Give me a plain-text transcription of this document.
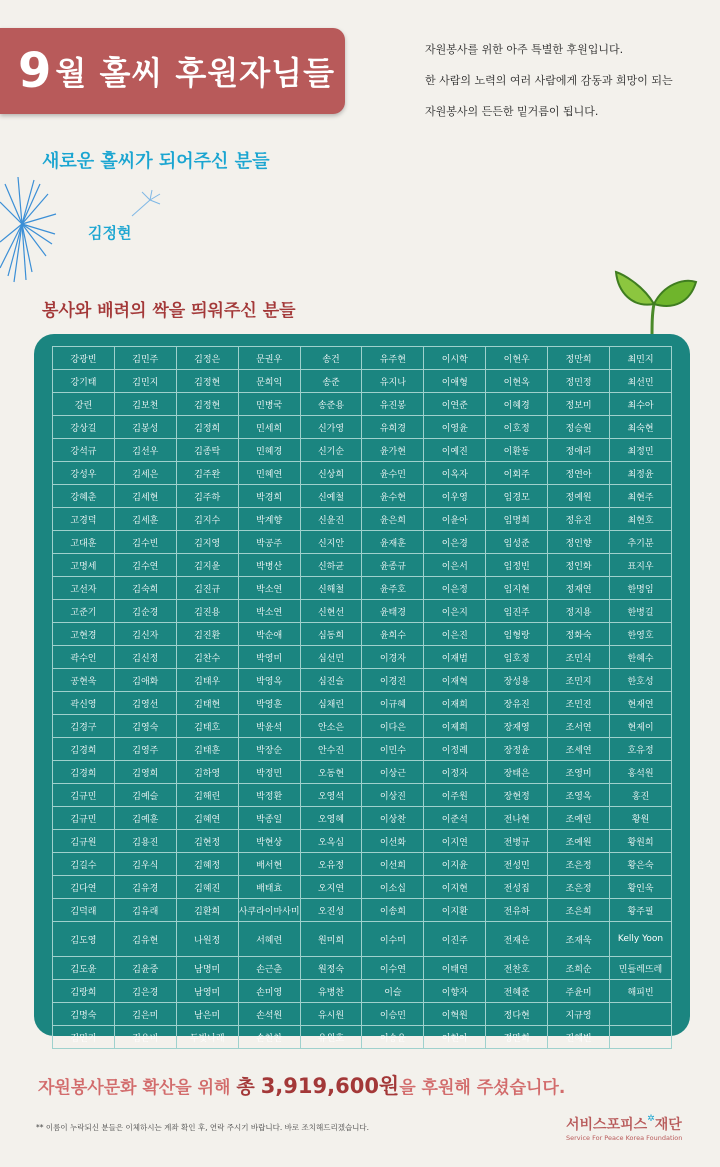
9 월 홀씨 후원자님들
자원봉사를 위한 아주 특별한 후원입니다.
한 사람의 노력의 여러 사람에게 감동과 희망이 되는
자원봉사의 든든한 밑거름이 됩니다.
새로운 홀씨가 되어주신 분들
김정현
봉사와 배려의 싹을 띄워주신 분들
강광빈	김민주	김정은	문권우	송건	유주현	이시학	이현우	정만희	최민지
강기태	김민지	김정현	문희익	송준	유지나	이애형	이현옥	정민정	최선민
강린	김보천	김정현	민병국	송준용	유진봉	이연준	이혜경	정보미	최수아
강상길	김봉성	김정희	민세희	신가영	유희경	이영윤	이호정	정승원	최숙현
강석규	김선우	김종탁	민혜경	신기순	윤가현	이예진	이환동	정애리	최정민
강성우	김세은	김주완	민혜연	신상희	윤수민	이옥자	이회주	정연아	최정윤
강혜춘	김세현	김주하	박경희	신예철	윤수현	이우영	임경모	정예원	최현주
고경덕	김세훈	김지수	박계향	신윤진	윤은희	이윤아	임명희	정유진	최현호
고대훈	김수빈	김지영	박공주	신지안	윤재훈	이은경	임성준	정인향	추기분
고명세	김수연	김지윤	박병산	신하균	윤종규	이은서	임정빈	정인화	표지우
고선자	김숙희	김진규	박소연	신해철	윤주호	이은정	임지현	정재연	한명임
고준기	김순경	김진용	박소연	신현선	윤태경	이은지	임진주	정지용	한병길
고현경	김신자	김진환	박순애	심동희	윤희수	이은진	임형랑	정화숙	한영호
곽수인	김신정	김찬수	박영미	심선민	이경자	이재범	임호정	조민식	한혜수
공현욱	김애화	김태우	박영옥	심진슬	이경진	이재혁	장성용	조민지	한호성
곽신영	김영선	김태현	박영훈	심채린	이규혜	이재희	장유진	조민진	현재연
김경구	김영숙	김태호	박윤석	안소은	이다은	이제희	장재영	조서연	현제이
김경희	김영주	김태훈	박장순	안수진	이민수	이정례	장정윤	조세연	호유정
김경희	김영희	김하영	박정민	오동현	이상근	이정자	장태은	조영미	홍석원
김규민	김예슬	김해린	박정환	오영석	이상진	이주원	장현정	조영옥	홍진
김규민	김예훈	김혜연	박종일	오영혜	이상찬	이준석	전나현	조예린	황원
김규원	김용진	김현정	박현상	오옥심	이선화	이지연	전병규	조예원	황원희
김길수	김우식	김혜정	배서현	오유정	이선희	이지윤	전성민	조은정	황은숙
김다연	김유경	김혜진	배태효	오지연	이소십	이지현	전성집	조은정	황인욱
김덕래	김유래	김환희	사쿠라이마사미	오진성	이송희	이지환	전유하	조은희	황주필
김도영	김유현	나원정	서혜련	원미희	이수미	이진주	전재은	조재욱	Kelly Yoon
김도윤	김윤중	남명미	손근춘	원정숙	이수연	이태연	전찬호	조희순	민들레뜨레
김랑희	김은경	남영미	손미영	유병찬	이슬	이향자	전혜준	주윤미	해피빈
김명숙	김은미	남은미	손석원	유시원	이승민	이혁원	정다현	지규영	
김민기	김은비	두빛나래	손찬찬	유원호	이승윤	이현아	정만희	진혜빈	
자원봉사문화 확산을 위해 총 3,919,600원을 후원해 주셨습니다.
** 이름이 누락되신 분들은 이체하시는 계좌 확인 후, 연락 주시기 바랍니다. 바로 조치해드리겠습니다.	서비스포피스✲재단
Service For Peace Korea Foundation
